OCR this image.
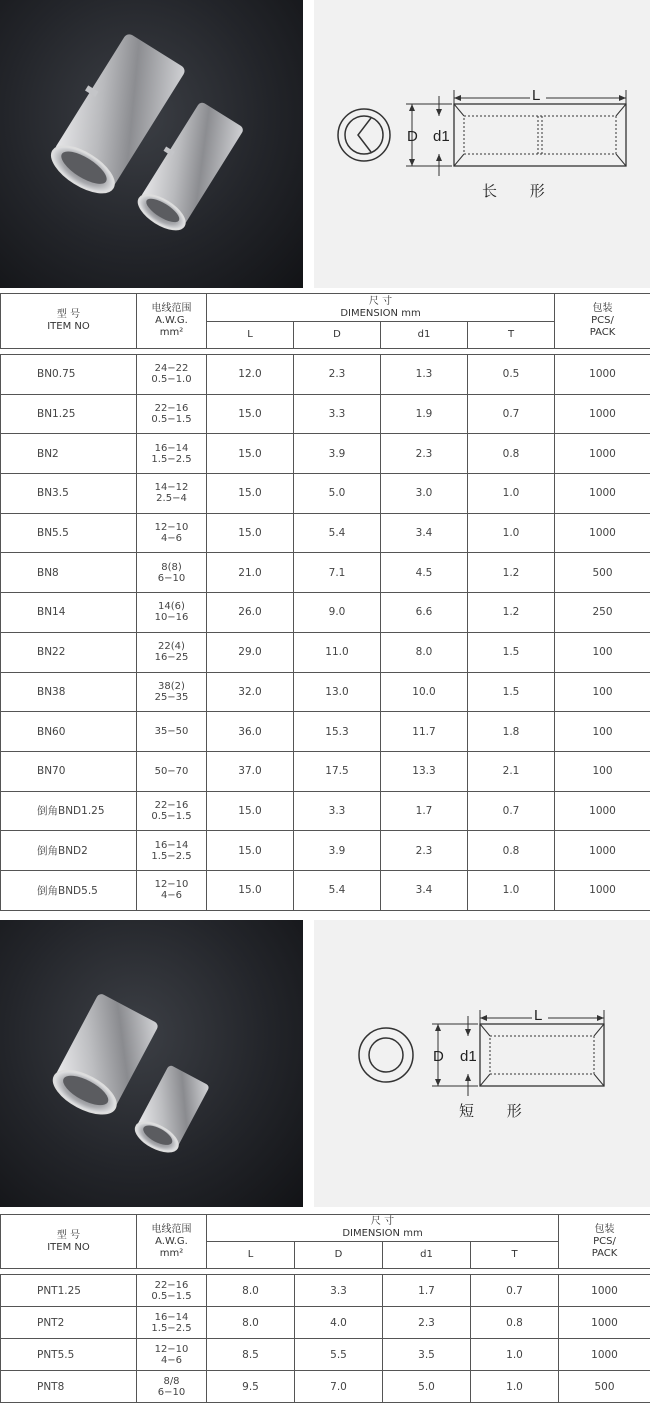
D d1
L
长 形
型 号
ITEM NO	电线范围
A.W.G.
mm²	尺 寸
DIMENSION mm				包装
PCS/
PACK

		L	D	d1	T	

BN0.75	24−22
0.5−1.0	12.0	2.3	1.3	0.5	1000

BN1.25	22−16
0.5−1.5	15.0	3.3	1.9	0.7	1000

BN2	16−14
1.5−2.5	15.0	3.9	2.3	0.8	1000

BN3.5	14−12
2.5−4	15.0	5.0	3.0	1.0	1000

BN5.5	12−10
4−6	15.0	5.4	3.4	1.0	1000

BN8	8(8)
6−10	21.0	7.1	4.5	1.2	500

BN14	14(6)
10−16	26.0	9.0	6.6	1.2	250

BN22	22(4)
16−25	29.0	11.0	8.0	1.5	100

BN38	38(2)
25−35	32.0	13.0	10.0	1.5	100

BN60	35−50	36.0	15.3	11.7	1.8	100

BN70	50−70	37.0	17.5	13.3	2.1	100

倒角BND1.25	22−16
0.5−1.5	15.0	3.3	1.7	0.7	1000

倒角BND2	16−14
1.5−2.5	15.0	3.9	2.3	0.8	1000

倒角BND5.5	12−10
4−6	15.0	5.4	3.4	1.0	1000
D d1
L
短 形
型 号
ITEM NO	电线范围
A.W.G.
mm²	尺 寸
DIMENSION mm				包装
PCS/
PACK

		L	D	d1	T	

PNT1.25	22−16
0.5−1.5	8.0	3.3	1.7	0.7	1000

PNT2	16−14
1.5−2.5	8.0	4.0	2.3	0.8	1000

PNT5.5	12−10
4−6	8.5	5.5	3.5	1.0	1000

PNT8	8/8
6−10	9.5	7.0	5.0	1.0	500
